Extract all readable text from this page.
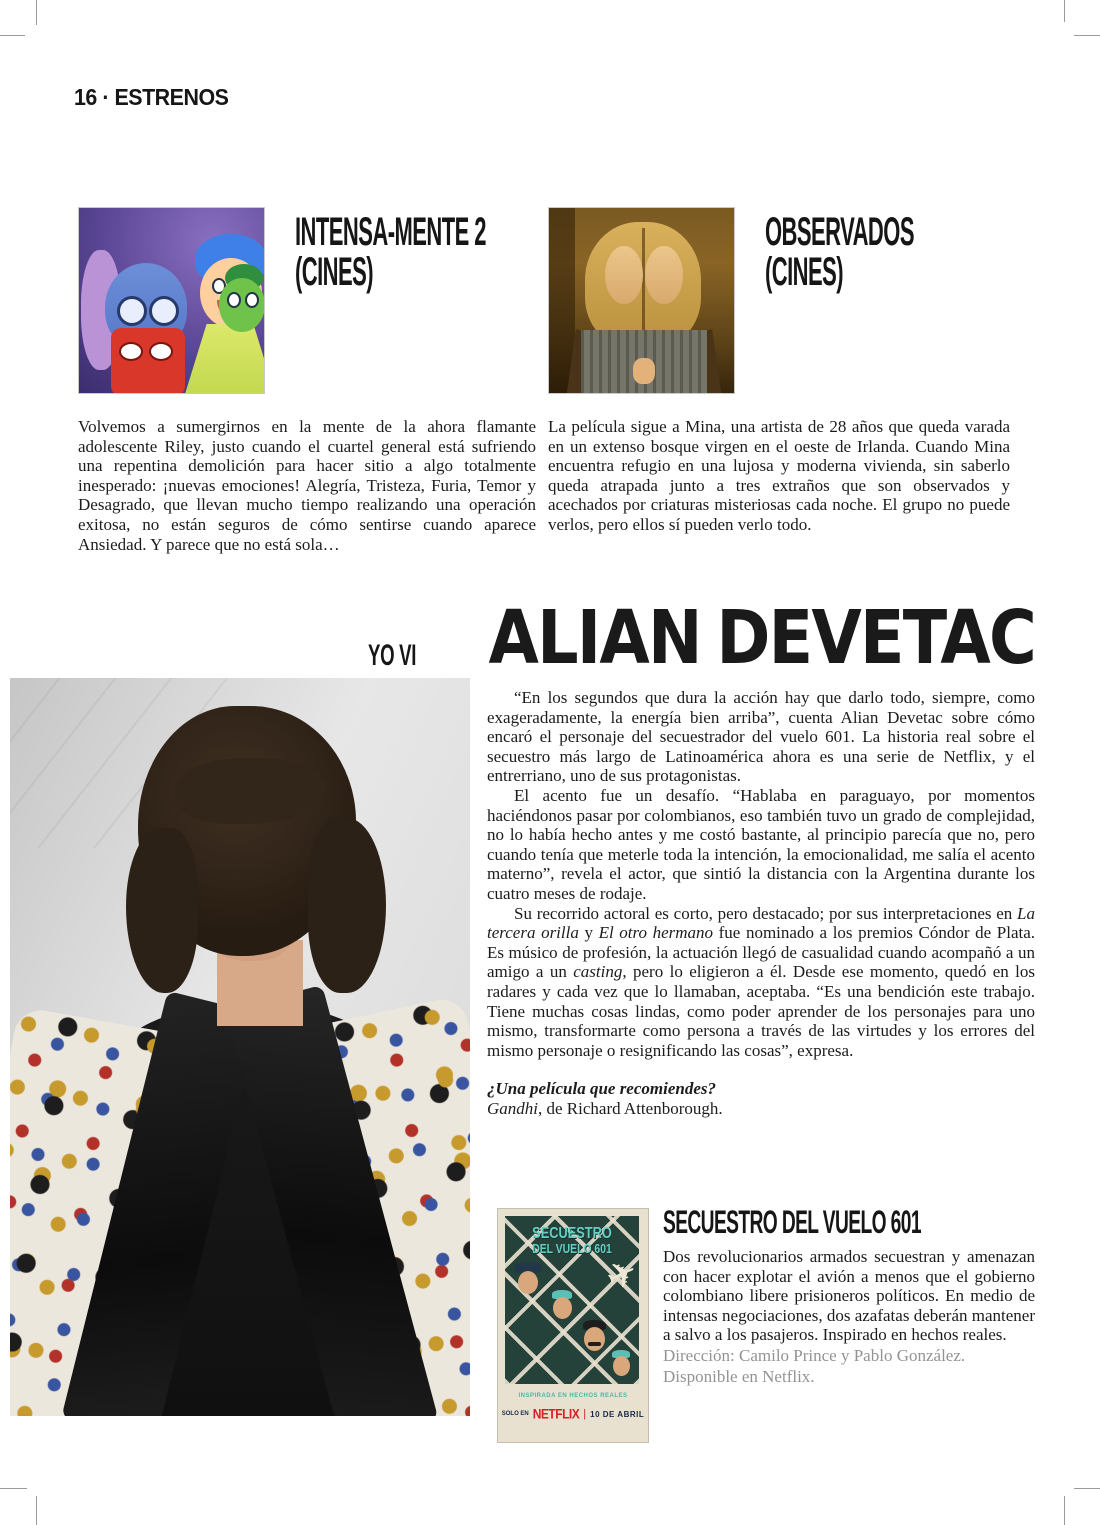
16 · ESTRENOS
INTENSA-MENTE 2
(CINES)

Volvemos a sumergirnos en la mente de la ahora flamante adolescente Riley, justo cuando el cuartel general está sufriendo una repentina demolición para hacer sitio a algo totalmente inesperado: ¡nuevas emociones! Alegría, Tristeza, Furia, Temor y Desagrado, que llevan mucho tiempo realizando una operación exitosa, no están seguros de cómo sentirse cuando aparece Ansiedad. Y parece que no está sola…

OBSERVADOS
(CINES)

La película sigue a Mina, una artista de 28 años que queda varada en un extenso bosque virgen en el oeste de Irlanda. Cuando Mina encuentra refugio en una lujosa y moderna vivienda, sin saberlo queda atrapada junto a tres extraños que son observados y acechados por criaturas misteriosas cada noche. El grupo no puede verlos, pero ellos sí pueden verlo todo.

YO VI ALIAN DEVETAC

“En los segundos que dura la acción hay que darlo todo, siempre, como exageradamente, la energía bien arriba”, cuenta Alian Devetac sobre cómo encaró el personaje del secuestrador del vuelo 601. La historia real sobre el secuestro más largo de Latinoamérica ahora es una serie de Netflix, y el entrerriano, uno de sus protagonistas.

El acento fue un desafío. “Hablaba en paraguayo, por momentos haciéndonos pasar por colombianos, eso también tuvo un grado de complejidad, no lo había hecho antes y me costó bastante, al principio parecía que no, pero cuando tenía que meterle toda la intención, la emocionalidad, me salía el acento materno”, revela el actor, que sintió la distancia con la Argentina durante los cuatro meses de rodaje.

Su recorrido actoral es corto, pero destacado; por sus interpretaciones en La tercera orilla y El otro hermano fue nominado a los premios Cóndor de Plata. Es músico de profesión, la actuación llegó de casualidad cuando acompañó a un amigo a un casting, pero lo eligieron a él. Desde ese momento, quedó en los radares y cada vez que lo llamaban, aceptaba. “Es una bendición este trabajo. Tiene muchas cosas lindas, como poder aprender de los personajes para uno mismo, transformarte como persona a través de las virtudes y los errores del mismo personaje o resignificando las cosas”, expresa.

¿Una película que recomiendes?

Gandhi, de Richard Attenborough.

✈
SECUESTRO
DEL VUELO 601
INSPIRADA EN HECHOS REALES
SOLO EN NETFLIX | 10 DE ABRIL
SECUESTRO DEL VUELO 601

Dos revolucionarios armados secuestran y amenazan con hacer explotar el avión a menos que el gobierno colombiano libere prisioneros políticos. En medio de intensas negociaciones, dos azafatas deberán mantener a salvo a los pasajeros. Inspirado en hechos reales.

Dirección: Camilo Prince y Pablo González.
Disponible en Netflix.
